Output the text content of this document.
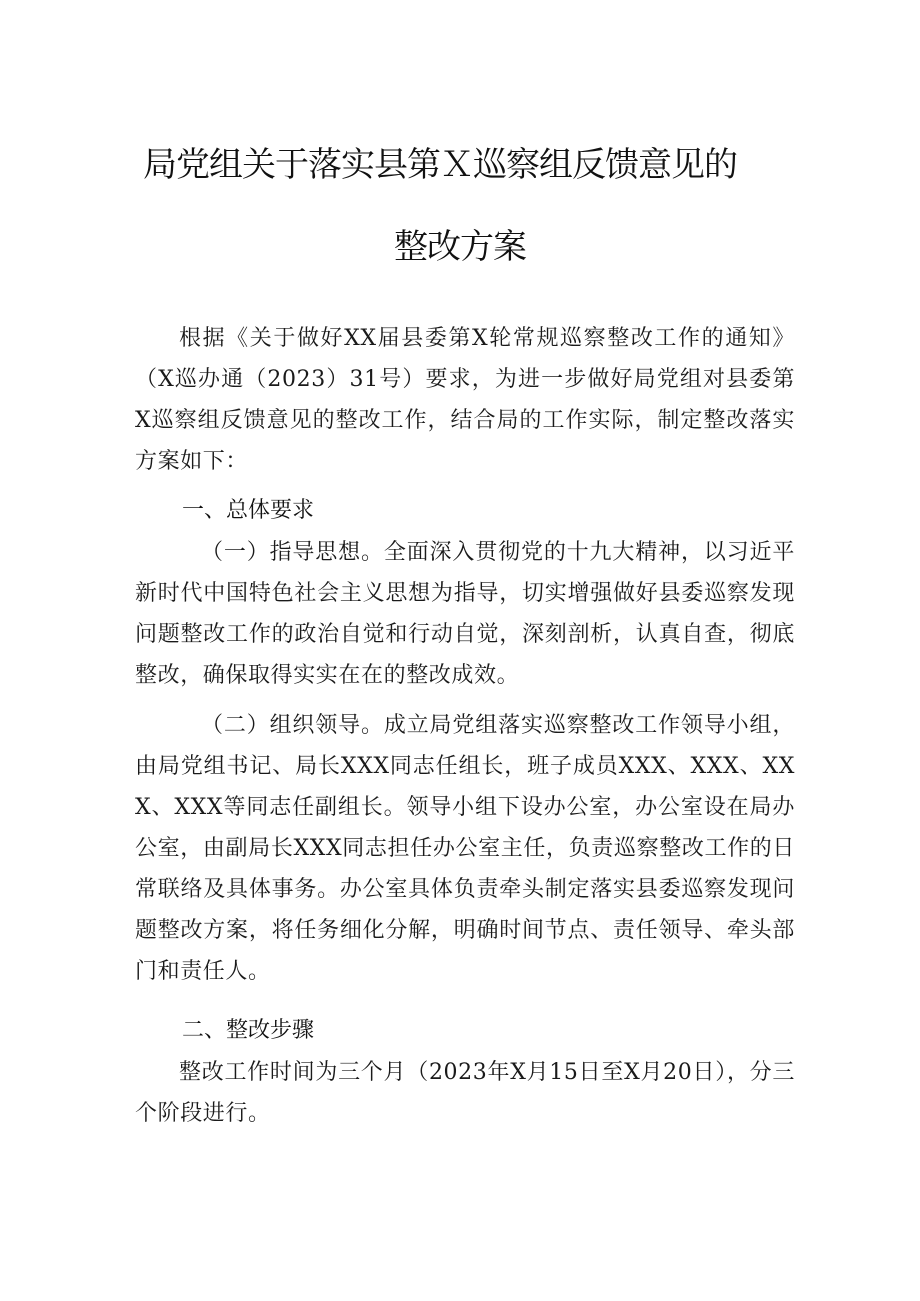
局党组关于落实县第Ｘ巡察组反馈意见的
整改方案

根据《关于做好XX届县委第X轮常规巡察整改工作的通知》（X巡办通（2023）31号）要求，为进一步做好局党组对县委第X巡察组反馈意见的整改工作，结合局的工作实际，制定整改落实方案如下：

一、总体要求

（一）指导思想。全面深入贯彻党的十九大精神，以习近平新时代中国特色社会主义思想为指导，切实增强做好县委巡察发现问题整改工作的政治自觉和行动自觉，深刻剖析，认真自查，彻底整改，确保取得实实在在的整改成效。

（二）组织领导。成立局党组落实巡察整改工作领导小组，由局党组书记、局长XXX同志任组长，班子成员XXX、XXX、XXX、XXX等同志任副组长。领导小组下设办公室，办公室设在局办公室，由副局长XXX同志担任办公室主任，负责巡察整改工作的日常联络及具体事务。办公室具体负责牵头制定落实县委巡察发现问题整改方案，将任务细化分解，明确时间节点、责任领导、牵头部门和责任人。

二、整改步骤

整改工作时间为三个月（2023年X月15日至X月20日），分三个阶段进行。
